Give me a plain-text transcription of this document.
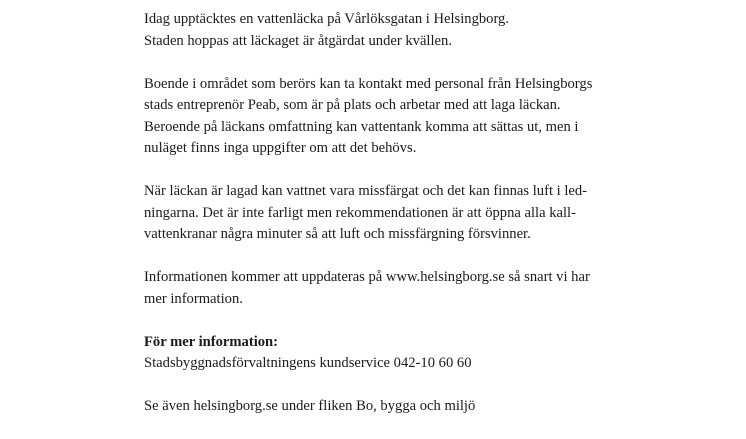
Idag upptäcktes en vattenläcka på Vårlöksgatan i Helsingborg.
Staden hoppas att läckaget är åtgärdat under kvällen.
Boende i området som berörs kan ta kontakt med personal från Helsingborgs
stads entreprenör Peab, som är på plats och arbetar med att laga läckan.
Beroende på läckans omfattning kan vattentank komma att sättas ut, men i
nuläget finns inga uppgifter om att det behövs.
När läckan är lagad kan vattnet vara missfärgat och det kan finnas luft i led-
ningarna. Det är inte farligt men rekommendationen är att öppna alla kall-
vattenkranar några minuter så att luft och missfärgning försvinner.
Informationen kommer att uppdateras på www.helsingborg.se så snart vi har
mer information.
För mer information:
Stadsbyggnadsförvaltningens kundservice 042-10 60 60
Se även helsingborg.se under fliken Bo, bygga och miljö
